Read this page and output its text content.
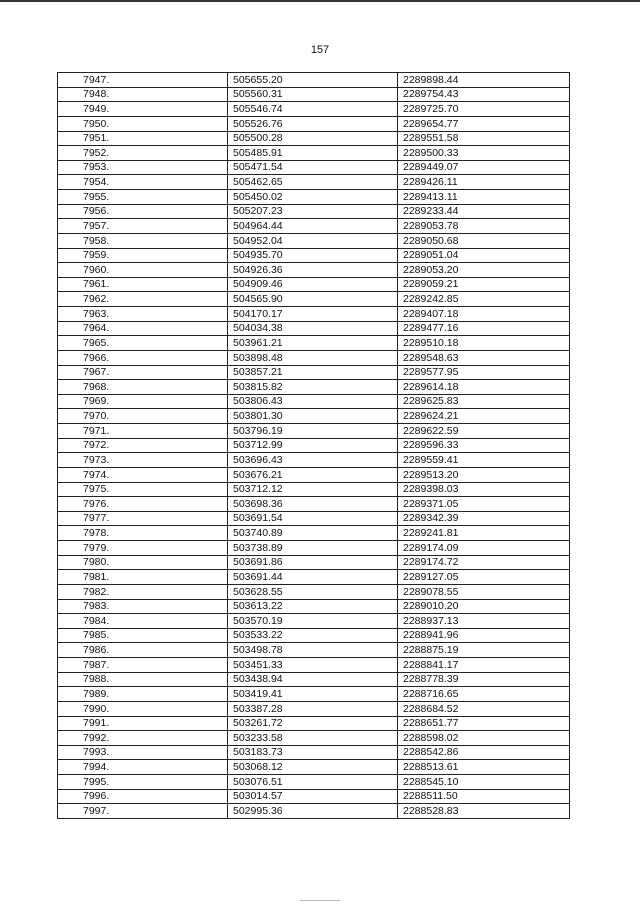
157
7947.	505655.20	2289898.44
7948.	505560.31	2289754.43
7949.	505546.74	2289725.70
7950.	505526.76	2289654.77
7951.	505500.28	2289551.58
7952.	505485.91	2289500.33
7953.	505471.54	2289449.07
7954.	505462.65	2289426.11
7955.	505450.02	2289413.11
7956.	505207.23	2289233.44
7957.	504964.44	2289053.78
7958.	504952.04	2289050.68
7959.	504935.70	2289051.04
7960.	504926.36	2289053.20
7961.	504909.46	2289059.21
7962.	504565.90	2289242.85
7963.	504170.17	2289407.18
7964.	504034.38	2289477.16
7965.	503961.21	2289510.18
7966.	503898.48	2289548.63
7967.	503857.21	2289577.95
7968.	503815.82	2289614.18
7969.	503806.43	2289625.83
7970.	503801.30	2289624.21
7971.	503796.19	2289622.59
7972.	503712.99	2289596.33
7973.	503696.43	2289559.41
7974.	503676.21	2289513.20
7975.	503712.12	2289398.03
7976.	503698.36	2289371.05
7977.	503691.54	2289342.39
7978.	503740.89	2289241.81
7979.	503738.89	2289174.09
7980.	503691.86	2289174.72
7981.	503691.44	2289127.05
7982.	503628.55	2289078.55
7983.	503613.22	2289010.20
7984.	503570.19	2288937.13
7985.	503533.22	2288941.96
7986.	503498.78	2288875.19
7987.	503451.33	2288841.17
7988.	503438.94	2288778.39
7989.	503419.41	2288716.65
7990.	503387.28	2288684.52
7991.	503261.72	2288651.77
7992.	503233.58	2288598.02
7993.	503183.73	2288542.86
7994.	503068.12	2288513.61
7995.	503076.51	2288545.10
7996.	503014.57	2288511.50
7997.	502995.36	2288528.83
